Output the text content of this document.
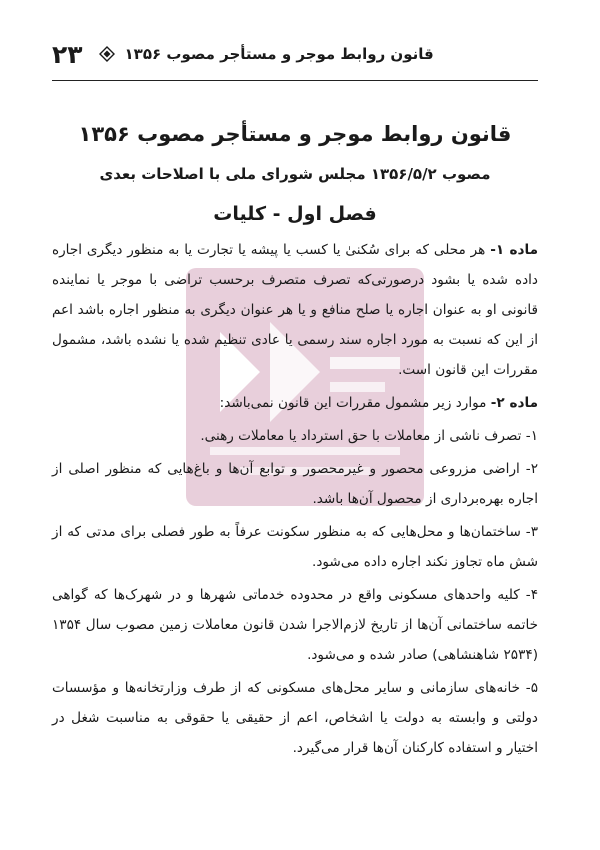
۲۳	قانون روابط موجر و مستأجر مصوب ۱۳۵۶
قانون روابط موجر و مستأجر مصوب ۱۳۵۶
مصوب ۱۳۵۶/۵/۲ مجلس شورای ملی با اصلاحات بعدی
فصل اول - کلیات

ماده ۱- هر محلی که برای سُکنیٰ یا کسب یا پیشه یا تجارت یا به منظور دیگری اجاره داده شده یا بشود درصورتی‌که تصرف متصرف برحسب تراضی با موجر یا نماینده قانونی او به عنوان اجاره یا صلح منافع و یا هر عنوان دیگری به منظور اجاره باشد اعم از این که نسبت به مورد اجاره سند رسمی یا عادی تنظیم شده یا نشده باشد، مشمول مقررات این قانون است.

ماده ۲- موارد زیر مشمول مقررات این قانون نمی‌باشد:

۱- تصرف ناشی از معاملات با حق استرداد یا معاملات رهنی.

۲- اراضی مزروعی محصور و غیرمحصور و توابع آن‌ها و باغ‌هایی که منظور اصلی از اجاره بهره‌برداری از محصول آن‌ها باشد.

۳- ساختمان‌ها و محل‌هایی که به منظور سکونت عرفاً به طور فصلی برای مدتی که از شش ماه تجاوز نکند اجاره داده می‌شود.

۴- کلیه واحدهای مسکونی واقع در محدوده خدماتی شهرها و در شهرک‌ها که گواهی خاتمه ساختمانی آن‌ها از تاریخ لازم‌الاجرا شدن قانون معاملات زمین مصوب سال ۱۳۵۴ (۲۵۳۴ شاهنشاهی) صادر شده و می‌شود.

۵- خانه‌های سازمانی و سایر محل‌های مسکونی که از طرف وزارتخانه‌ها و مؤسسات دولتی و وابسته به دولت یا اشخاص، اعم از حقیقی یا حقوقی به مناسبت شغل در اختیار و استفاده کارکنان آن‌ها قرار می‌گیرد.
